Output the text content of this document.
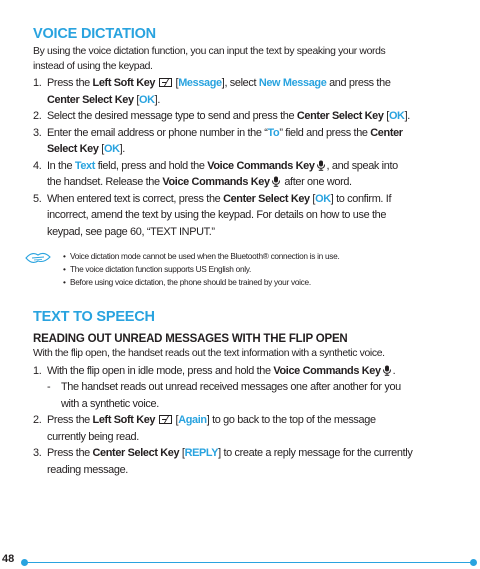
VOICE DICTATION

By using the voice dictation function, you can input the text by speaking your words
instead of using the keypad.

1. Press the Left Soft Key  [Message], select New Message and press the
Center Select Key [OK].
2. Select the desired message type to send and press the Center Select Key [OK].
3. Enter the email address or phone number in the “To” field and press the Center
Select Key [OK].
4. In the Text field, press and hold the Voice Commands Key , and speak into
the handset. Release the Voice Commands Key after one word.
5. When entered text is correct, press the Center Select Key [OK] to confirm. If
incorrect, amend the text by using the keypad. For details on how to use the
keypad, see page 60, “TEXT INPUT.”
• Voice dictation mode cannot be used when the Bluetooth® connection is in use.
• The voice dictation function supports US English only.
• Before using voice dictation, the phone should be trained by your voice.
TEXT TO SPEECH
READING OUT UNREAD MESSAGES WITH THE FLIP OPEN

With the flip open, the handset reads out the text information with a synthetic voice.

1. With the flip open in idle mode, press and hold the Voice Commands Key .
- The handset reads out unread received messages one after another for you
with a synthetic voice.
2. Press the Left Soft Key  [Again] to go back to the top of the message
currently being read.
3. Press the Center Select Key [REPLY] to create a reply message for the currently
reading message.
48
